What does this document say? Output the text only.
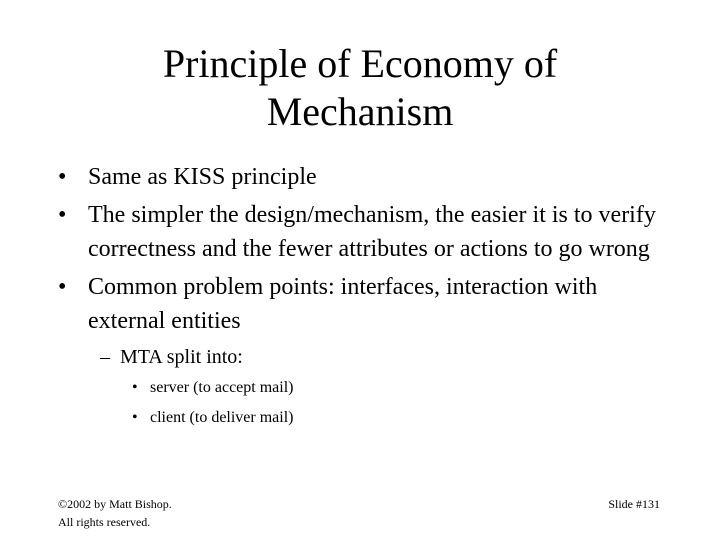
Principle of Economy of
Mechanism
• Same as KISS principle
• The simpler the design/mechanism, the easier it is to verify correctness and the fewer attributes or actions to go wrong
• Common problem points: interfaces, interaction with external entities
– MTA split into:
• server (to accept mail)
• client (to deliver mail)
©2002 by Matt Bishop.
All rights reserved.
Slide #131
